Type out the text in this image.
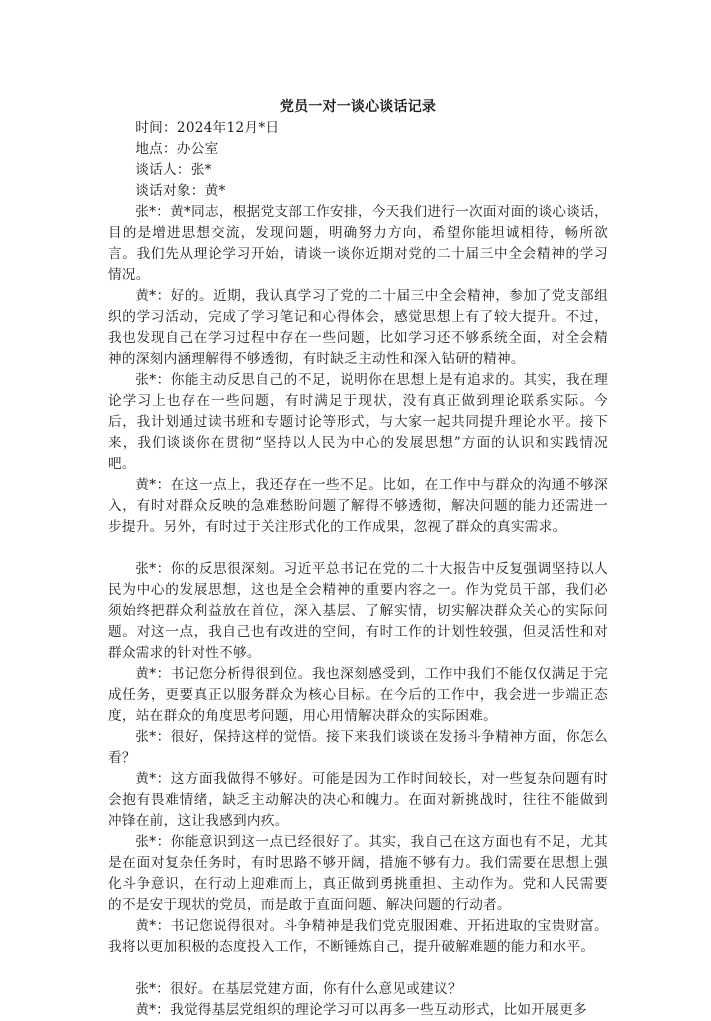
党员一对一谈心谈话记录

时间：2024年12月*日

地点：办公室

谈话人：张*

谈话对象：黄*

张*：黄*同志，根据党支部工作安排，今天我们进行一次面对面的谈心谈话，目的是增进思想交流，发现问题，明确努力方向，希望你能坦诚相待，畅所欲言。我们先从理论学习开始，请谈一谈你近期对党的二十届三中全会精神的学习情况。

黄*：好的。近期，我认真学习了党的二十届三中全会精神，参加了党支部组织的学习活动，完成了学习笔记和心得体会，感觉思想上有了较大提升。不过，我也发现自己在学习过程中存在一些问题，比如学习还不够系统全面，对全会精神的深刻内涵理解得不够透彻，有时缺乏主动性和深入钻研的精神。

张*：你能主动反思自己的不足，说明你在思想上是有追求的。其实，我在理论学习上也存在一些问题，有时满足于现状，没有真正做到理论联系实际。今后，我计划通过读书班和专题讨论等形式，与大家一起共同提升理论水平。接下来，我们谈谈你在贯彻“坚持以人民为中心的发展思想”方面的认识和实践情况吧。

黄*：在这一点上，我还存在一些不足。比如，在工作中与群众的沟通不够深入，有时对群众反映的急难愁盼问题了解得不够透彻，解决问题的能力还需进一步提升。另外，有时过于关注形式化的工作成果，忽视了群众的真实需求。

张*：你的反思很深刻。习近平总书记在党的二十大报告中反复强调坚持以人民为中心的发展思想，这也是全会精神的重要内容之一。作为党员干部，我们必须始终把群众利益放在首位，深入基层、了解实情，切实解决群众关心的实际问题。对这一点，我自己也有改进的空间，有时工作的计划性较强，但灵活性和对群众需求的针对性不够。

黄*：书记您分析得很到位。我也深刻感受到，工作中我们不能仅仅满足于完成任务，更要真正以服务群众为核心目标。在今后的工作中，我会进一步端正态度，站在群众的角度思考问题，用心用情解决群众的实际困难。

张*：很好，保持这样的觉悟。接下来我们谈谈在发扬斗争精神方面，你怎么看？

黄*：这方面我做得不够好。可能是因为工作时间较长，对一些复杂问题有时会抱有畏难情绪，缺乏主动解决的决心和魄力。在面对新挑战时，往往不能做到冲锋在前，这让我感到内疚。

张*：你能意识到这一点已经很好了。其实，我自己在这方面也有不足，尤其是在面对复杂任务时，有时思路不够开阔，措施不够有力。我们需要在思想上强化斗争意识，在行动上迎难而上，真正做到勇挑重担、主动作为。党和人民需要的不是安于现状的党员，而是敢于直面问题、解决问题的行动者。

黄*：书记您说得很对。斗争精神是我们党克服困难、开拓进取的宝贵财富。我将以更加积极的态度投入工作，不断锤炼自己，提升破解难题的能力和水平。

张*：很好。在基层党建方面，你有什么意见或建议？

黄*：我觉得基层党组织的理论学习可以再多一些互动形式，比如开展更多
